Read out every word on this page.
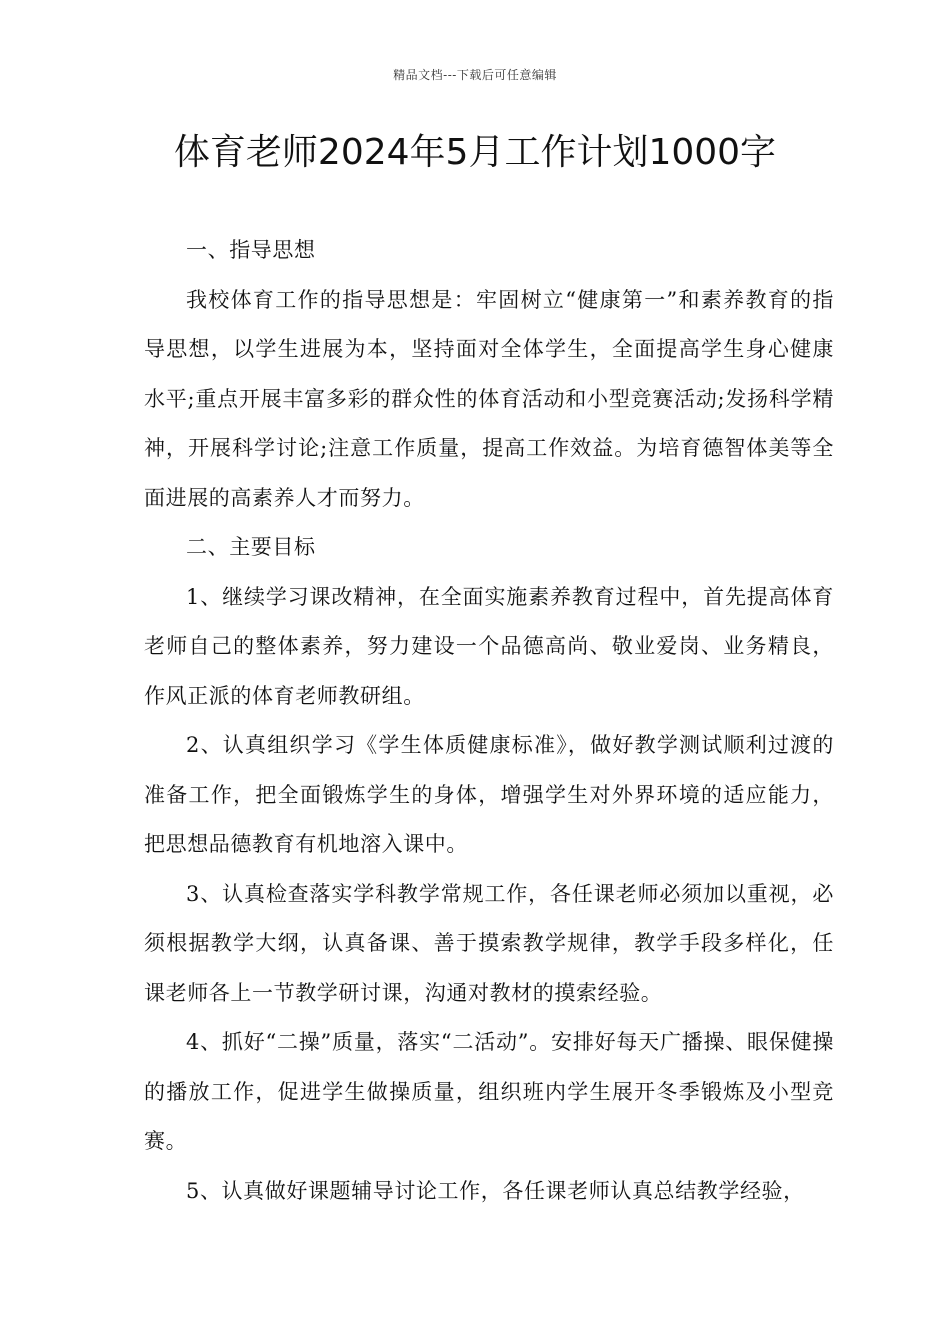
精品文档---下载后可任意编辑
体育老师2024年5月工作计划1000字

一、指导思想

我校体育工作的指导思想是：牢固树立“健康第一”和素养教育的指导思想，以学生进展为本，坚持面对全体学生，全面提高学生身心健康水平;重点开展丰富多彩的群众性的体育活动和小型竞赛活动;发扬科学精神，开展科学讨论;注意工作质量，提高工作效益。为培育德智体美等全面进展的高素养人才而努力。

二、主要目标

1、继续学习课改精神，在全面实施素养教育过程中，首先提高体育老师自己的整体素养，努力建设一个品德高尚、敬业爱岗、业务精良，作风正派的体育老师教研组。

2、认真组织学习《学生体质健康标准》，做好教学测试顺利过渡的准备工作，把全面锻炼学生的身体，增强学生对外界环境的适应能力，把思想品德教育有机地溶入课中。

3、认真检查落实学科教学常规工作，各任课老师必须加以重视，必须根据教学大纲，认真备课、善于摸索教学规律，教学手段多样化，任课老师各上一节教学研讨课，沟通对教材的摸索经验。

4、抓好“二操”质量，落实“二活动”。安排好每天广播操、眼保健操的播放工作，促进学生做操质量，组织班内学生展开冬季锻炼及小型竞赛。

5、认真做好课题辅导讨论工作，各任课老师认真总结教学经验，
